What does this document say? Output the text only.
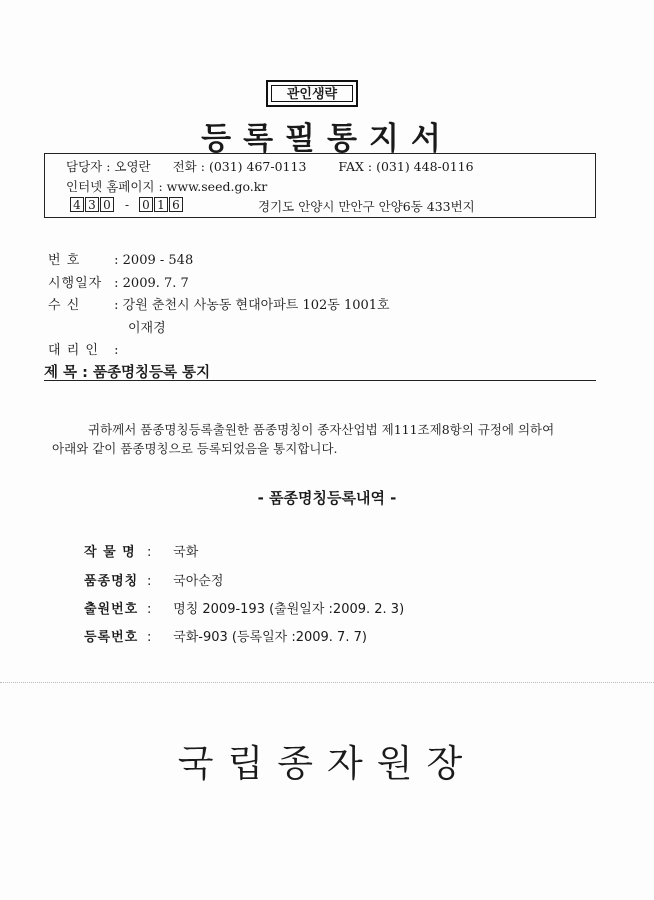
관인생략
등록필통지서
담당자 : 오영란 전화 : (031) 467-0113	FAX : (031) 448-0116
인터넷 홈페이지 : www.seed.go.kr
4 3 0	-	0 1 6	경기도 안양시 만안구 안양6동 433번지
번 호 : 2009 - 548
시행일자 : 2009. 7. 7
수 신 : 강원 춘천시 사농동 현대아파트 102동 1001호
이재경
대 리 인 :
제 목 : 품종명칭등록 통지
귀하께서 품종명칭등록출원한 품종명칭이 종자산업법 제111조제8항의 규정에 의하여
아래와 같이 품종명칭으로 등록되었음을 통지합니다.
- 품종명칭등록내역 -
작 물 명 : 국화
품종명칭 : 국아순정
출원번호 : 명칭 2009-193 (출원일자 :2009. 2. 3)
등록번호 : 국화-903 (등록일자 :2009. 7. 7)
국립종자원장
